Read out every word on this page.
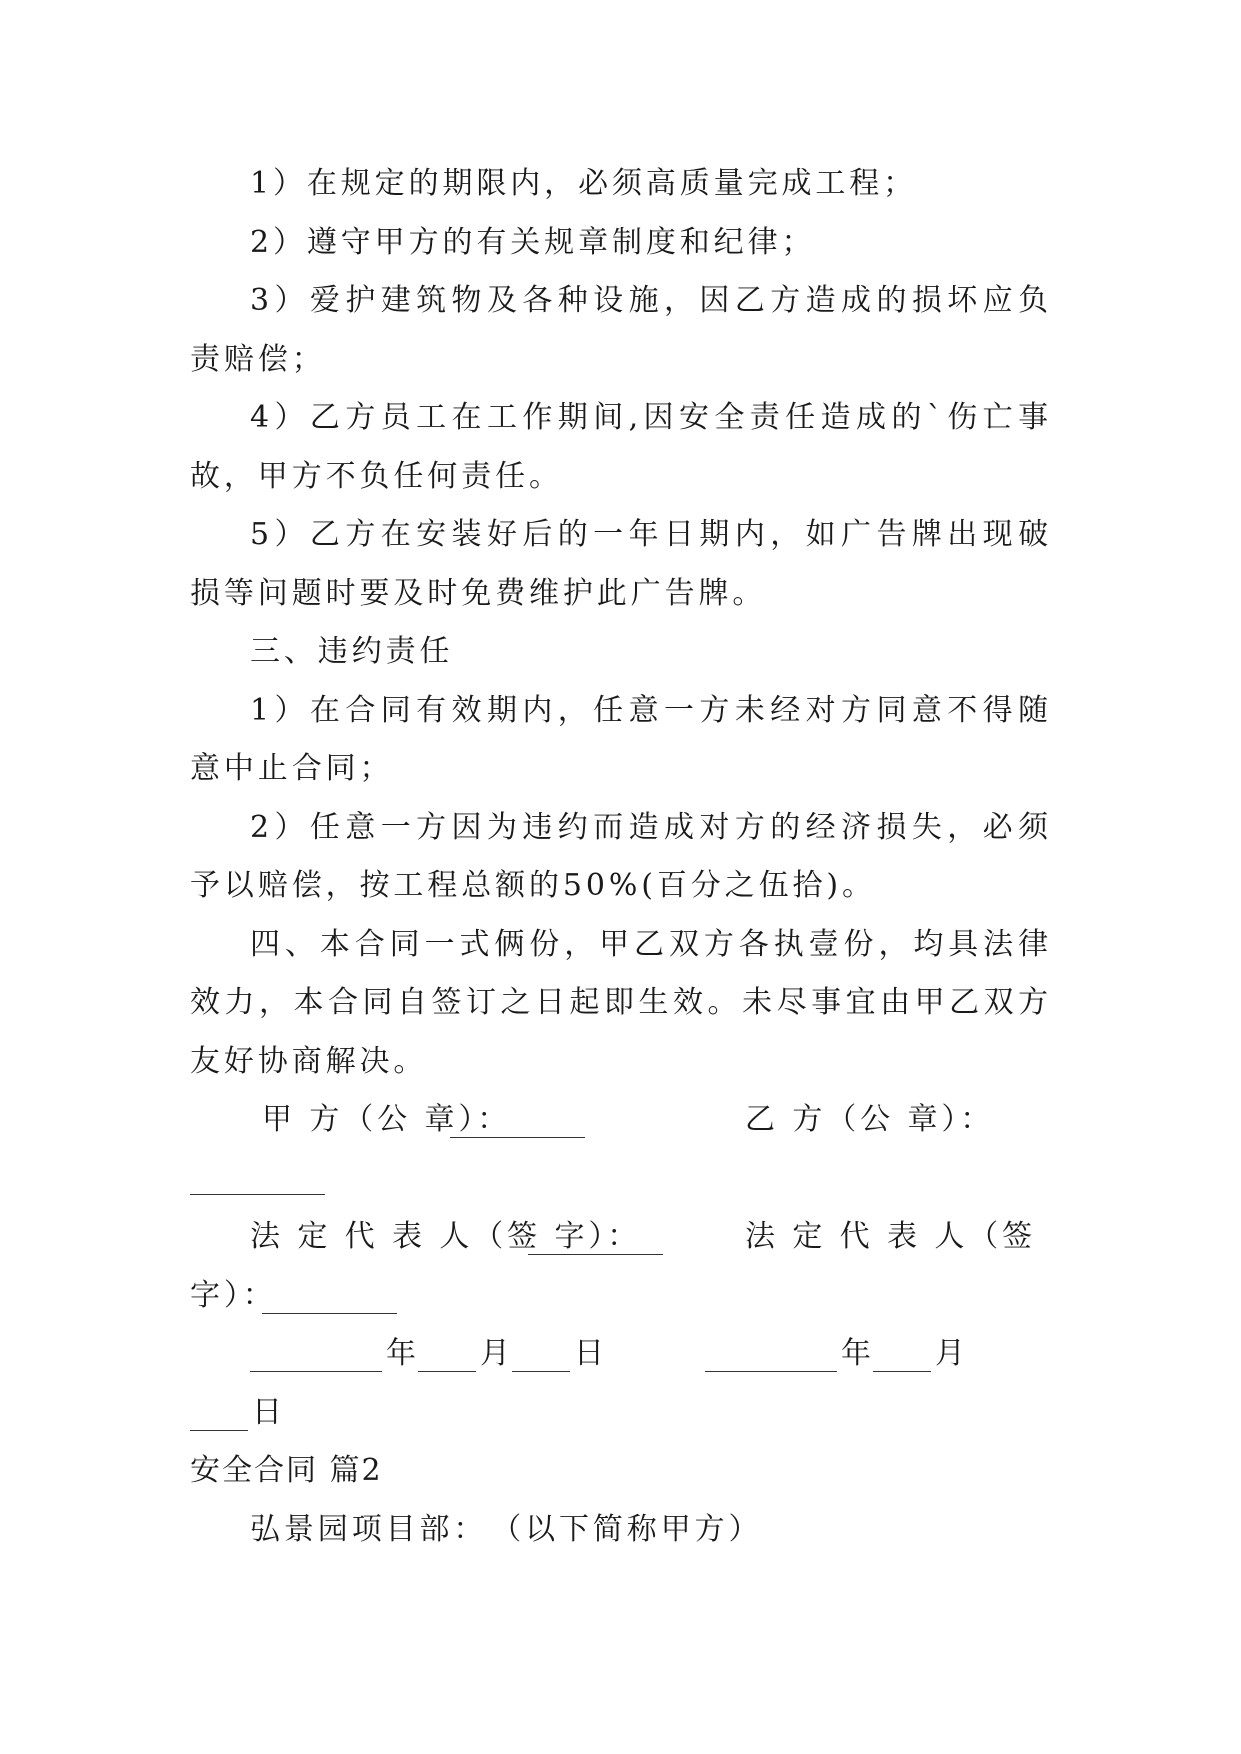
1）在规定的期限内，必须高质量完成工程；

2）遵守甲方的有关规章制度和纪律；

3）爱护建筑物及各种设施，因乙方造成的损坏应负责赔偿；

4）乙方员工在工作期间,因安全责任造成的`伤亡事故，甲方不负任何责任。

5）乙方在安装好后的一年日期内，如广告牌出现破损等问题时要及时免费维护此广告牌。

三、违约责任

1）在合同有效期内，任意一方未经对方同意不得随意中止合同；

2）任意一方因为违约而造成对方的经济损失，必须予以赔偿，按工程总额的50%(百分之伍拾)。

四、本合同一式俩份，甲乙双方各执壹份，均具法律效力，本合同自签订之日起即生效。未尽事宜由甲乙双方友好协商解决。

甲 方（公 章）：	乙 方（公 章）：
法 定 代 表 人（签 字）：	法 定 代 表 人（签
字）：
年 月 日	年 月
日

安全合同 篇2

弘景园项目部：　（以下简称甲方）
